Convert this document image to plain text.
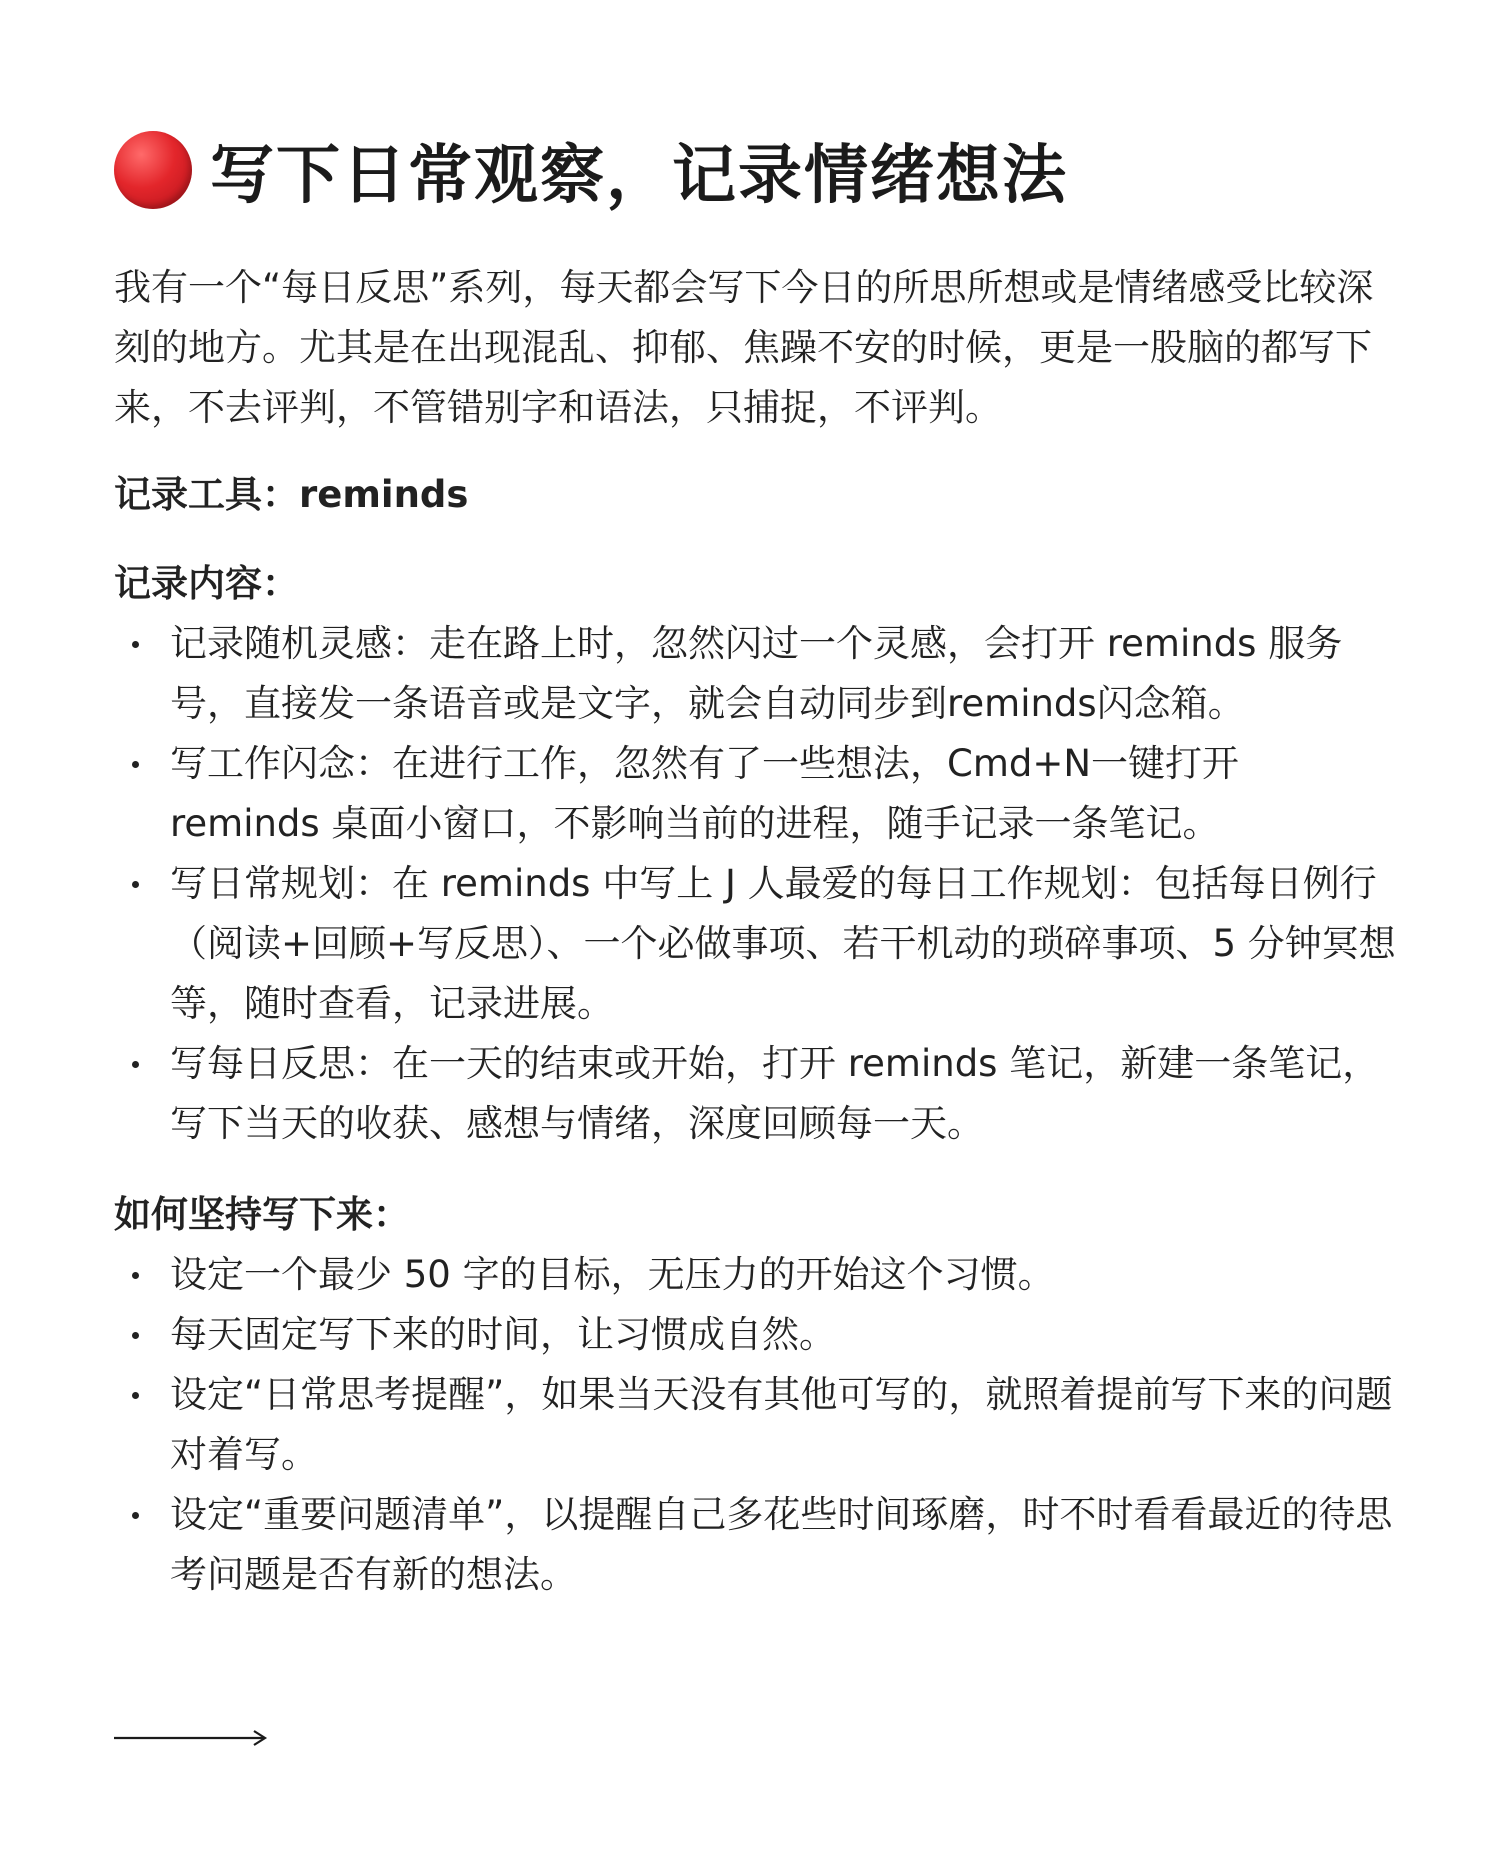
写下日常观察，记录情绪想法

我有一个“每日反思”系列，每天都会写下今日的所思所想或是情绪感受比较深刻的地方。尤其是在出现混乱、抑郁、焦躁不安的时候，更是一股脑的都写下来，不去评判，不管错别字和语法，只捕捉，不评判。

记录工具：reminds

记录内容：

记录随机灵感：走在路上时，忽然闪过一个灵感，会打开 reminds 服务号，直接发一条语音或是文字，就会自动同步到reminds闪念箱。
写工作闪念：在进行工作，忽然有了一些想法，Cmd+N一键打开 reminds 桌面小窗口，不影响当前的进程，随手记录一条笔记。
写日常规划：在 reminds 中写上 J 人最爱的每日工作规划：包括每日例行（阅读+回顾+写反思）、一个必做事项、若干机动的琐碎事项、5 分钟冥想等，随时查看，记录进展。
写每日反思：在一天的结束或开始，打开 reminds 笔记，新建一条笔记，写下当天的收获、感想与情绪，深度回顾每一天。

如何坚持写下来：

设定一个最少 50 字的目标，无压力的开始这个习惯。
每天固定写下来的时间，让习惯成自然。
设定“日常思考提醒”，如果当天没有其他可写的，就照着提前写下来的问题对着写。
设定“重要问题清单”，以提醒自己多花些时间琢磨，时不时看看最近的待思考问题是否有新的想法。
